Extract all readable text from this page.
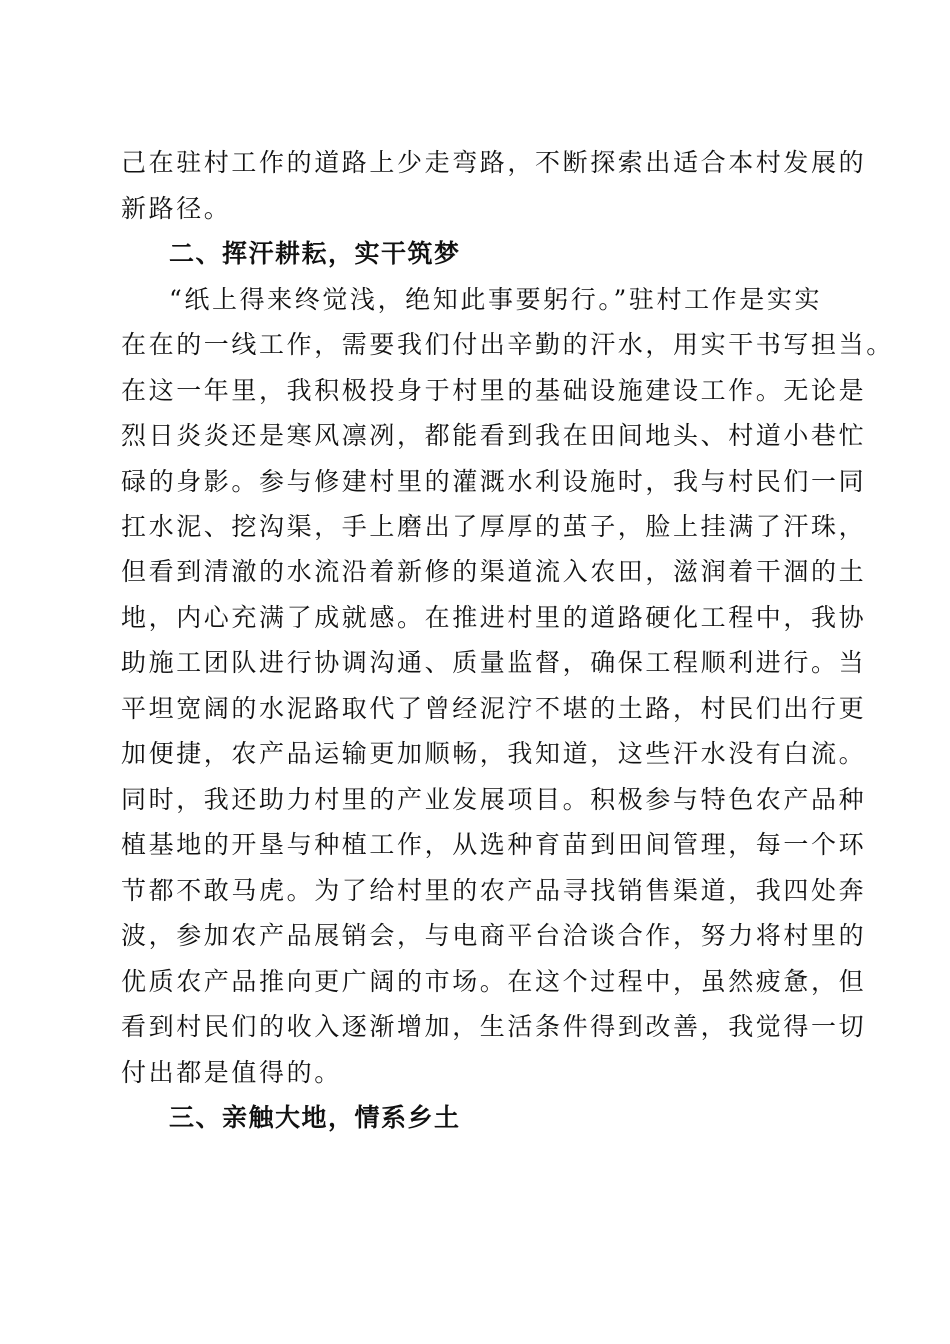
己在驻村工作的道路上少走弯路，不断探索出适合本村发展的
新路径。
二、挥汗耕耘，实干筑梦
“纸上得来终觉浅，绝知此事要躬行。”驻村工作是实实
在在的一线工作，需要我们付出辛勤的汗水，用实干书写担当。
在这一年里，我积极投身于村里的基础设施建设工作。无论是
烈日炎炎还是寒风凛冽，都能看到我在田间地头、村道小巷忙
碌的身影。参与修建村里的灌溉水利设施时，我与村民们一同
扛水泥、挖沟渠，手上磨出了厚厚的茧子，脸上挂满了汗珠，
但看到清澈的水流沿着新修的渠道流入农田，滋润着干涸的土
地，内心充满了成就感。在推进村里的道路硬化工程中，我协
助施工团队进行协调沟通、质量监督，确保工程顺利进行。当
平坦宽阔的水泥路取代了曾经泥泞不堪的土路，村民们出行更
加便捷，农产品运输更加顺畅，我知道，这些汗水没有白流。
同时，我还助力村里的产业发展项目。积极参与特色农产品种
植基地的开垦与种植工作，从选种育苗到田间管理，每一个环
节都不敢马虎。为了给村里的农产品寻找销售渠道，我四处奔
波，参加农产品展销会，与电商平台洽谈合作，努力将村里的
优质农产品推向更广阔的市场。在这个过程中，虽然疲惫，但
看到村民们的收入逐渐增加，生活条件得到改善，我觉得一切
付出都是值得的。
三、亲触大地，情系乡土
